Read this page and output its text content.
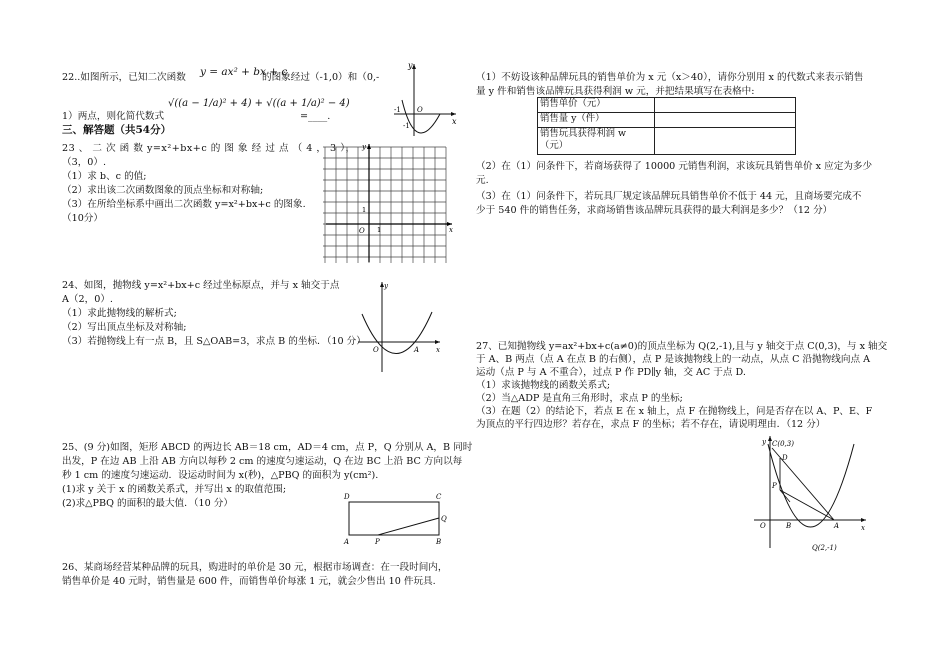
22..如图所示，已知二次函数 y = ax² + bx + c
的图象经过（-1,0）和（0,-
1）两点，则化简代数式
√((a − 1/a)² + 4) + √((a + 1/a)² − 4)
=____.
y
x
O
-1
-1
三、解答题（共54分）
23 、 二 次 函 数 y=x²+bx+c 的 图 象 经 过 点 （ 4 ， 3 ），
（3，0）.
（1）求 b、c 的值;
（2）求出该二次函数图象的顶点坐标和对称轴;
（3）在所给坐标系中画出二次函数 y=x²+bx+c 的图象.
（10分）
y
x
O
1
1
24、如图，抛物线 y=x²+bx+c 经过坐标原点，并与 x 轴交于点
A（2，0）.
（1）求此抛物线的解析式;
（2）写出顶点坐标及对称轴;
（3）若抛物线上有一点 B，且 S△OAB=3，求点 B 的坐标．（10 分）
y
x
O	A
25、(9 分)如图，矩形 ABCD 的两边长 AB＝18 cm，AD＝4 cm，点 P，Q 分别从 A，B 同时
出发，P 在边 AB 上沿 AB 方向以每秒 2 cm 的速度匀速运动，Q 在边 BC 上沿 BC 方向以每
秒 1 cm 的速度匀速运动．设运动时间为 x(秒)，△PBQ 的面积为 y(cm²).
(1)求 y 关于 x 的函数关系式，并写出 x 的取值范围;
(2)求△PBQ 的面积的最大值．（10 分）
D	C
Q
A	P	B
26、某商场经营某种品牌的玩具，购进时的单价是 30 元，根据市场调查：在一段时间内，
销售单价是 40 元时，销售量是 600 件，而销售单价每涨 1 元，就会少售出 10 件玩具.
（1）不妨设该种品牌玩具的销售单价为 x 元（x＞40），请你分别用 x 的代数式来表示销售
量 y 件和销售该品牌玩具获得利润 w 元，并把结果填写在表格中:
销售单价（元）	
销售量 y（件）	
销售玩具获得利润 w
（元）	
（2）在（1）问条件下，若商场获得了 10000 元销售利润，求该玩具销售单价 x 应定为多少
元.
（3）在（1）问条件下，若玩具厂规定该品牌玩具销售单价不低于 44 元，且商场要完成不
少于 540 件的销售任务，求商场销售该品牌玩具获得的最大利润是多少？（12 分）
27、已知抛物线 y=ax²+bx+c(a≠0)的顶点坐标为 Q(2,-1),且与 y 轴交于点 C(0,3)，与 x 轴交
于 A、B 两点（点 A 在点 B 的右侧），点 P 是该抛物线上的一动点，从点 C 沿抛物线向点 A
运动（点 P 与 A 不重合），过点 P 作 PD∥y 轴，交 AC 于点 D.
（1）求该抛物线的函数关系式;
（2）当△ADP 是直角三角形时，求点 P 的坐标;
（3）在题（2）的结论下，若点 E 在 x 轴上，点 F 在抛物线上，问是否存在以 A、P、E、F
为顶点的平行四边形？若存在，求点 F 的坐标；若不存在，请说明理由．（12 分）
C(0,3)
D
P
y
O	B	A	x
Q(2,-1)
